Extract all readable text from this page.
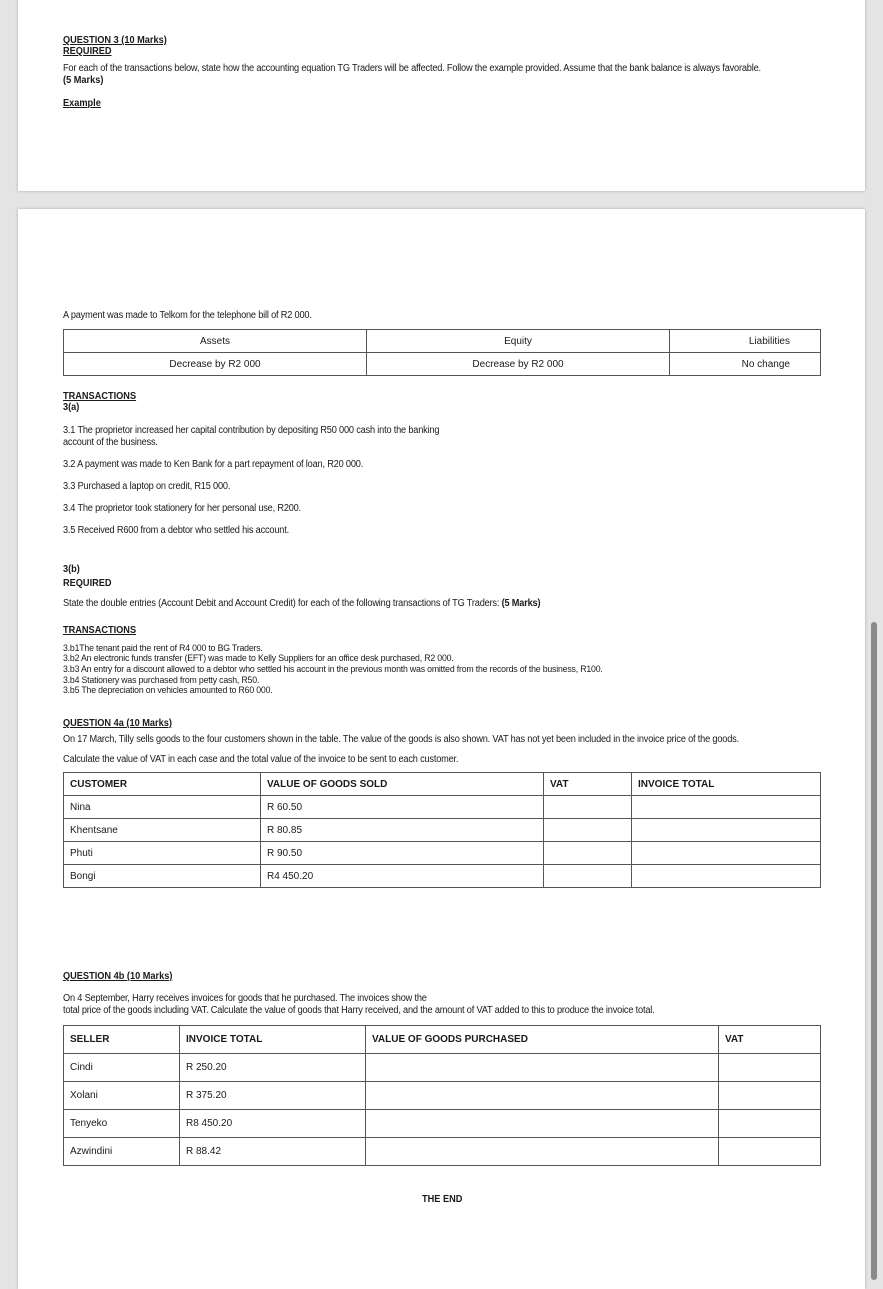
QUESTION 3 (10 Marks)
REQUIRED
For each of the transactions below, state how the accounting equation TG Traders will be affected. Follow the example provided. Assume that the bank balance is always favorable.
(5 Marks)
Example
A payment was made to Telkom for the telephone bill of R2 000.
Assets	Equity	Liabilities
Decrease by R2 000	Decrease by R2 000	No change
TRANSACTIONS
3(a)
3.1 The proprietor increased her capital contribution by depositing R50 000 cash into the banking
account of the business.
3.2 A payment was made to Ken Bank for a part repayment of loan, R20 000.
3.3 Purchased a laptop on credit, R15 000.
3.4 The proprietor took stationery for her personal use, R200.
3.5 Received R600 from a debtor who settled his account.
3(b)
REQUIRED
State the double entries (Account Debit and Account Credit) for each of the following transactions of TG Traders: (5 Marks)
TRANSACTIONS
3.b1The tenant paid the rent of R4 000 to BG Traders.
3.b2 An electronic funds transfer (EFT) was made to Kelly Suppliers for an office desk purchased, R2 000.
3.b3 An entry for a discount allowed to a debtor who settled his account in the previous month was omitted from the records of the business, R100.
3.b4 Stationery was purchased from petty cash, R50.
3.b5 The depreciation on vehicles amounted to R60 000.
QUESTION 4a (10 Marks)
On 17 March, Tilly sells goods to the four customers shown in the table. The value of the goods is also shown. VAT has not yet been included in the invoice price of the goods.
Calculate the value of VAT in each case and the total value of the invoice to be sent to each customer.
CUSTOMER	VALUE OF GOODS SOLD	VAT	INVOICE TOTAL
Nina	R 60.50		
Khentsane	R 80.85		
Phuti	R 90.50		
Bongi	R4 450.20		
QUESTION 4b (10 Marks)
On 4 September, Harry receives invoices for goods that he purchased. The invoices show the
total price of the goods including VAT. Calculate the value of goods that Harry received, and the amount of VAT added to this to produce the invoice total.
SELLER	INVOICE TOTAL	VALUE OF GOODS PURCHASED	VAT
Cindi	R 250.20		
Xolani	R 375.20		
Tenyeko	R8 450.20		
Azwindini	R 88.42		
THE END
